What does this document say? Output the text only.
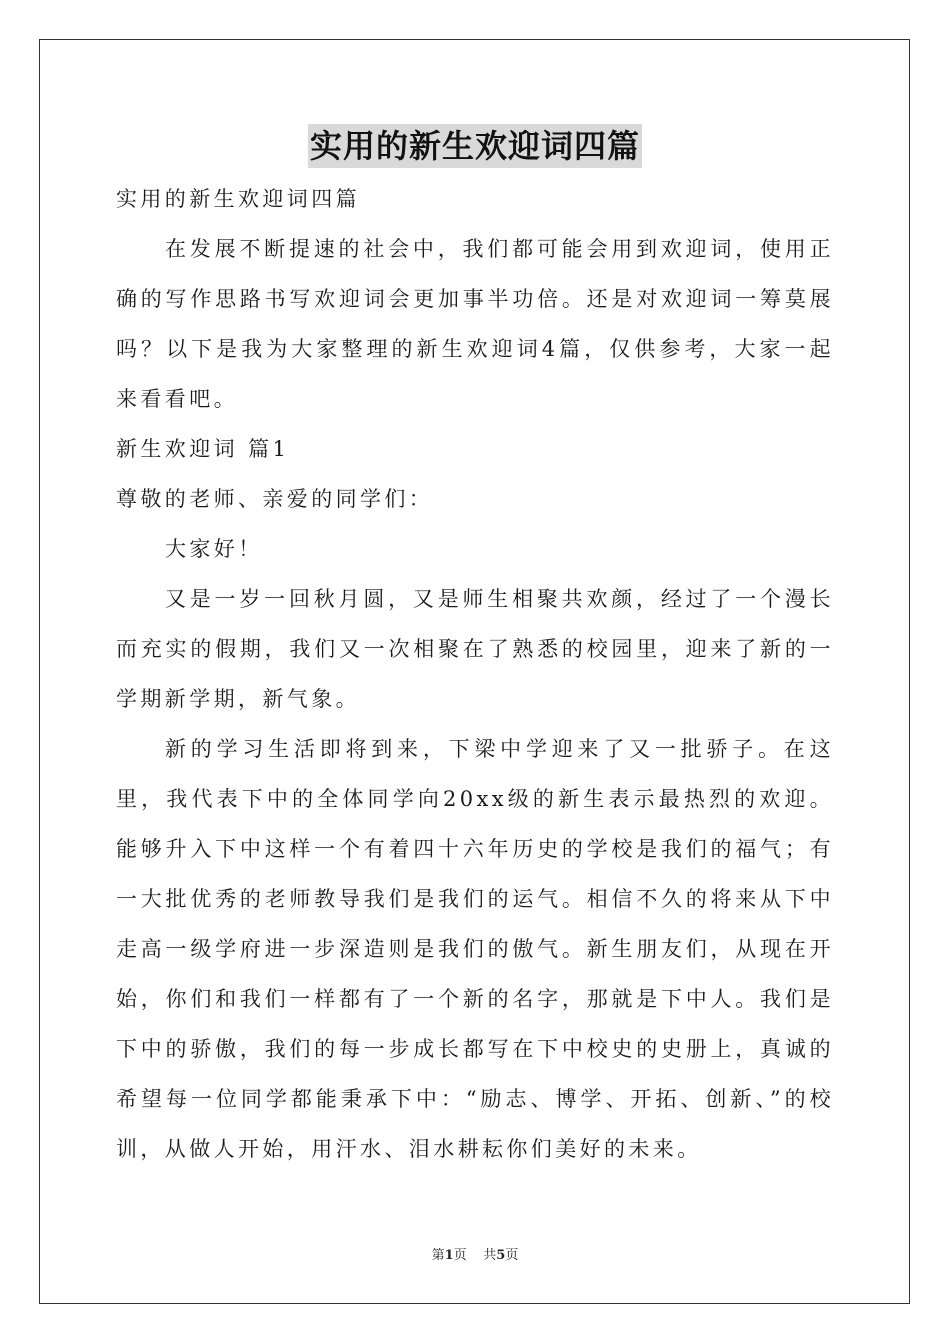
实用的新生欢迎词四篇

实用的新生欢迎词四篇

在发展不断提速的社会中，我们都可能会用到欢迎词，使用正确的写作思路书写欢迎词会更加事半功倍。还是对欢迎词一筹莫展吗？以下是我为大家整理的新生欢迎词4篇，仅供参考，大家一起来看看吧。

新生欢迎词 篇1

尊敬的老师、亲爱的同学们：

大家好！

又是一岁一回秋月圆，又是师生相聚共欢颜，经过了一个漫长而充实的假期，我们又一次相聚在了熟悉的校园里，迎来了新的一学期新学期，新气象。

新的学习生活即将到来，下梁中学迎来了又一批骄子。在这里，我代表下中的全体同学向20xx级的新生表示最热烈的欢迎。能够升入下中这样一个有着四十六年历史的学校是我们的福气；有一大批优秀的老师教导我们是我们的运气。相信不久的将来从下中走高一级学府进一步深造则是我们的傲气。新生朋友们，从现在开始，你们和我们一样都有了一个新的名字，那就是下中人。我们是下中的骄傲，我们的每一步成长都写在下中校史的史册上，真诚的希望每一位同学都能秉承下中：“励志、博学、开拓、创新、”的校训，从做人开始，用汗水、泪水耕耘你们美好的未来。

第1页 共5页
